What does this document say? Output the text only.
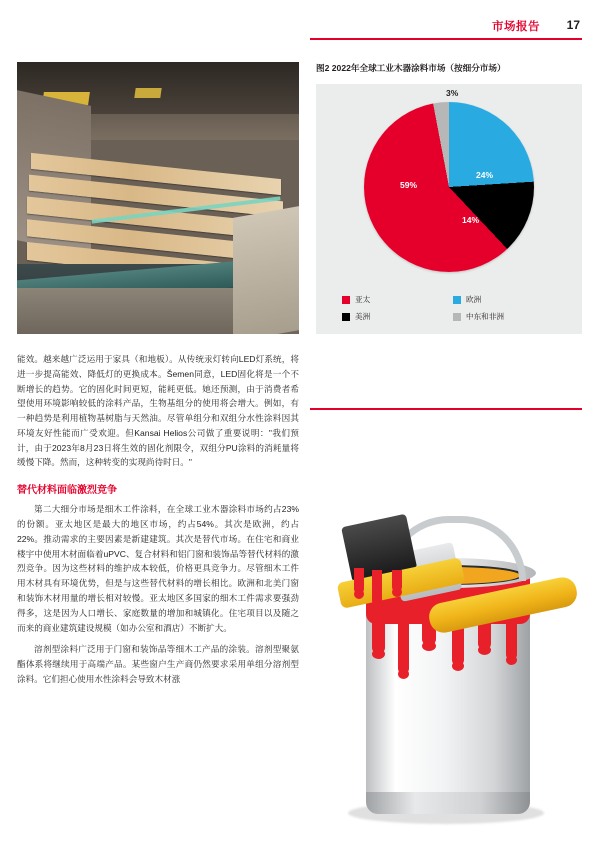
市场报告 17
图2 2022年全球工业木器涂料市场（按细分市场）
24%
14%
59%
3%
亚太	欧洲
美洲	中东和非洲

能效。越来越广泛运用于家具（和地板）。从传统汞灯转向LED灯系统，将进一步提高能效、降低灯的更换成本。Šemen同意，LED固化将是一个不断增长的趋势。它的固化时间更短，能耗更低。她还预测，由于消费者希望使用环境影响较低的涂料产品，生物基组分的使用将会增大。例如，有一种趋势是利用植物基树脂与天然油。尽管单组分和双组分水性涂料因其环境友好性能而广受欢迎。但Kansai Helios公司做了重要说明："我们预计，由于2023年8月23日将生效的固化剂限令，双组分PU涂料的消耗量将缓慢下降。然而，这种转变的实现尚待时日。"

替代材料面临激烈竞争

第二大细分市场是细木工件涂料，在全球工业木器涂料市场约占23%的份额。亚太地区是最大的地区市场，约占54%。其次是欧洲，约占22%。推动需求的主要因素是新建建筑。其次是替代市场。在住宅和商业楼宇中使用木材面临着uPVC、复合材料和铝门窗和装饰品等替代材料的激烈竞争。因为这些材料的维护成本较低，价格更具竞争力。尽管细木工件用木材具有环境优势，但是与这些替代材料的增长相比。欧洲和北美门窗和装饰木材用量的增长相对较慢。亚太地区多国家的细木工件需求要强劲得多，这是因为人口增长、家庭数量的增加和城镇化。住宅项目以及随之而来的商业建筑建设规模（如办公室和酒店）不断扩大。

溶剂型涂料广泛用于门窗和装饰品等细木工产品的涂装。溶剂型聚氨酯体系将继续用于高端产品。某些窗户生产商仍然要求采用单组分溶剂型涂料。它们担心使用水性涂料会导致木材涨
